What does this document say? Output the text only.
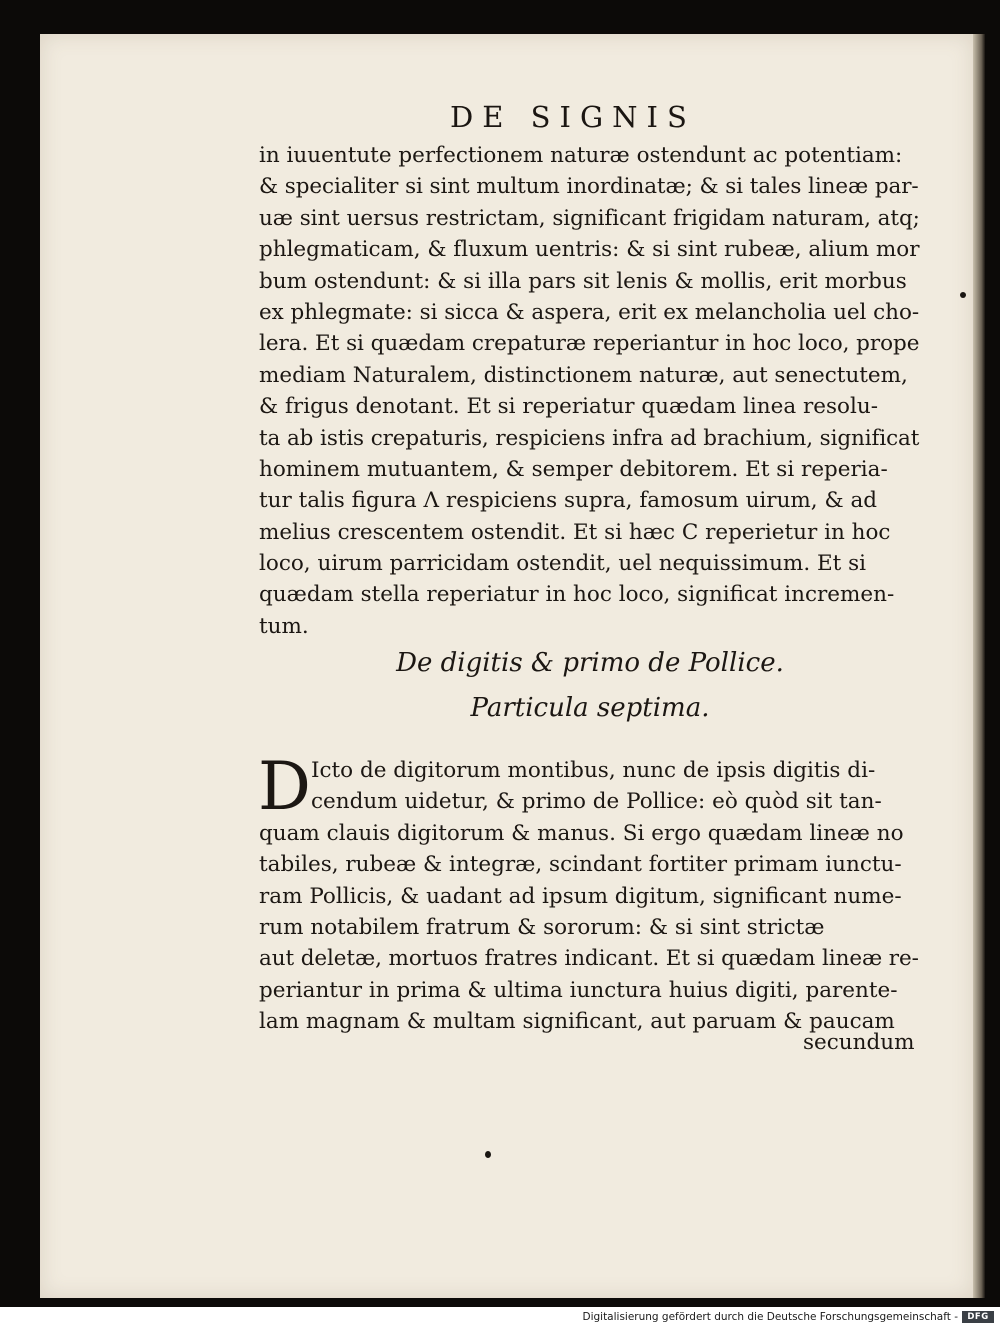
DE SIGNIS
in iuuentute perfectionem naturæ ostendunt ac potentiam:
& specialiter si sint multum inordinatæ; & si tales lineæ par-
uæ sint uersus restrictam, significant frigidam naturam, atq;
phlegmaticam, & fluxum uentris: & si sint rubeæ, alium mor
bum ostendunt: & si illa pars sit lenis & mollis, erit morbus
ex phlegmate: si sicca & aspera, erit ex melancholia uel cho-
lera. Et si quædam crepaturæ reperiantur in hoc loco, prope
mediam Naturalem, distinctionem naturæ, aut senectutem,
& frigus denotant. Et si reperiatur quædam linea resolu-
ta ab istis crepaturis, respiciens infra ad brachium, significat
hominem mutuantem, & semper debitorem. Et si reperia-
tur talis figura Λ respiciens supra, famosum uirum, & ad
melius crescentem ostendit. Et si hæc C reperietur in hoc
loco, uirum parricidam ostendit, uel nequissimum. Et si
quædam stella reperiatur in hoc loco, significat incremen-
tum.
De digitis & primo de Pollice.
Particula septima.
D Icto de digitorum montibus, nunc de ipsis digitis di-
cendum uidetur, & primo de Pollice: eò quòd sit tan-
quam clauis digitorum & manus. Si ergo quædam lineæ no
tabiles, rubeæ & integræ, scindant fortiter primam iunctu-
ram Pollicis, & uadant ad ipsum digitum, significant nume-
rum notabilem fratrum & sororum: & si sint strictæ
aut deletæ, mortuos fratres indicant. Et si quædam lineæ re-
periantur in prima & ultima iunctura huius digiti, parente-
lam magnam & multam significant, aut paruam & paucam
secundum
Digitalisierung gefördert durch die Deutsche Forschungsgemeinschaft -	DFG
